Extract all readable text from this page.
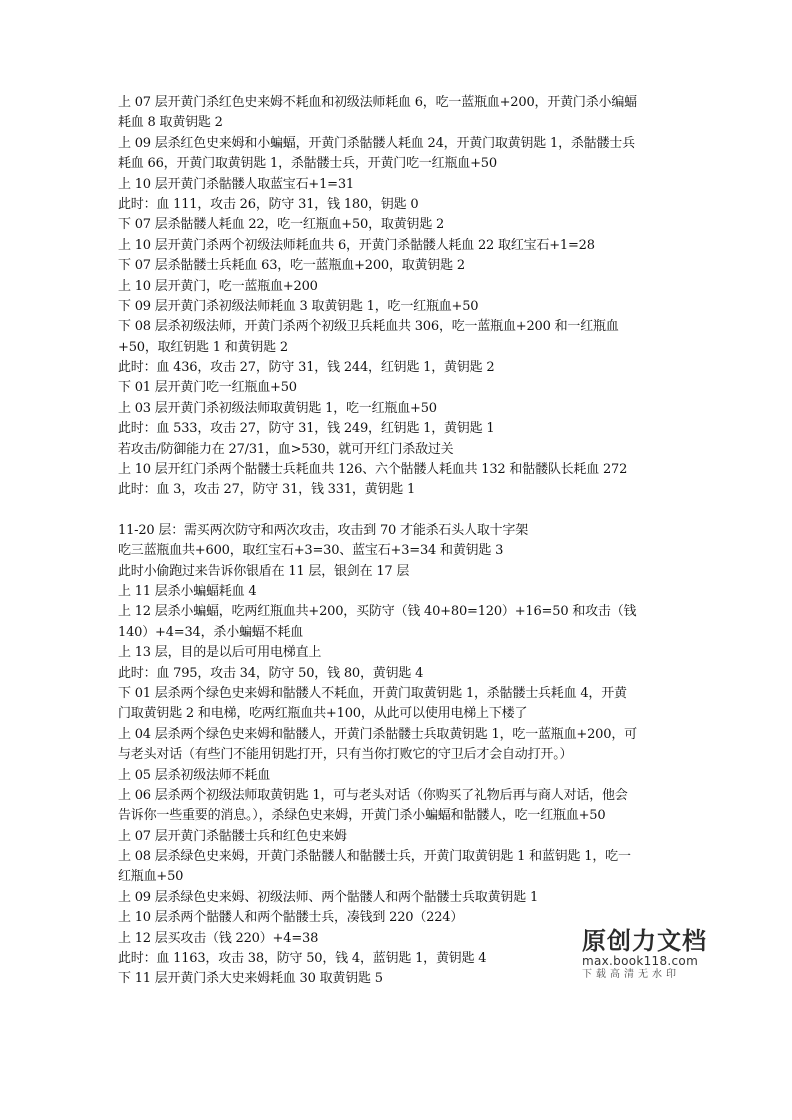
上 07 层开黄门杀红色史来姆不耗血和初级法师耗血 6，吃一蓝瓶血+200，开黄门杀小编蝠
耗血 8 取黄钥匙 2
上 09 层杀红色史来姆和小蝙蝠，开黄门杀骷髅人耗血 24，开黄门取黄钥匙 1，杀骷髅士兵
耗血 66，开黄门取黄钥匙 1，杀骷髅士兵，开黄门吃一红瓶血+50
上 10 层开黄门杀骷髅人取蓝宝石+1=31
此时：血 111，攻击 26，防守 31，钱 180，钥匙 0
下 07 层杀骷髅人耗血 22，吃一红瓶血+50，取黄钥匙 2
上 10 层开黄门杀两个初级法师耗血共 6，开黄门杀骷髅人耗血 22 取红宝石+1=28
下 07 层杀骷髅士兵耗血 63，吃一蓝瓶血+200，取黄钥匙 2
上 10 层开黄门，吃一蓝瓶血+200
下 09 层开黄门杀初级法师耗血 3 取黄钥匙 1，吃一红瓶血+50
下 08 层杀初级法师，开黄门杀两个初级卫兵耗血共 306，吃一蓝瓶血+200 和一红瓶血
+50，取红钥匙 1 和黄钥匙 2
此时：血 436，攻击 27，防守 31，钱 244，红钥匙 1，黄钥匙 2
下 01 层开黄门吃一红瓶血+50
上 03 层开黄门杀初级法师取黄钥匙 1，吃一红瓶血+50
此时：血 533，攻击 27，防守 31，钱 249，红钥匙 1，黄钥匙 1
若攻击/防御能力在 27/31，血>530，就可开红门杀敌过关
上 10 层开红门杀两个骷髅士兵耗血共 126、六个骷髅人耗血共 132 和骷髅队长耗血 272
此时：血 3，攻击 27，防守 31，钱 331，黄钥匙 1
11-20 层：需买两次防守和两次攻击，攻击到 70 才能杀石头人取十字架
吃三蓝瓶血共+600，取红宝石+3=30、蓝宝石+3=34 和黄钥匙 3
此时小偷跑过来告诉你银盾在 11 层，银剑在 17 层
上 11 层杀小蝙蝠耗血 4
上 12 层杀小蝙蝠，吃两红瓶血共+200，买防守（钱 40+80=120）+16=50 和攻击（钱
140）+4=34，杀小蝙蝠不耗血
上 13 层，目的是以后可用电梯直上
此时：血 795，攻击 34，防守 50，钱 80，黄钥匙 4
下 01 层杀两个绿色史来姆和骷髅人不耗血，开黄门取黄钥匙 1，杀骷髅士兵耗血 4，开黄
门取黄钥匙 2 和电梯，吃两红瓶血共+100，从此可以使用电梯上下楼了
上 04 层杀两个绿色史来姆和骷髅人，开黄门杀骷髅士兵取黄钥匙 1，吃一蓝瓶血+200，可
与老头对话（有些门不能用钥匙打开，只有当你打败它的守卫后才会自动打开。）
上 05 层杀初级法师不耗血
上 06 层杀两个初级法师取黄钥匙 1，可与老头对话（你购买了礼物后再与商人对话，他会
告诉你一些重要的消息。），杀绿色史来姆，开黄门杀小蝙蝠和骷髅人，吃一红瓶血+50
上 07 层开黄门杀骷髅士兵和红色史来姆
上 08 层杀绿色史来姆，开黄门杀骷髅人和骷髅士兵，开黄门取黄钥匙 1 和蓝钥匙 1，吃一
红瓶血+50
上 09 层杀绿色史来姆、初级法师、两个骷髅人和两个骷髅士兵取黄钥匙 1
上 10 层杀两个骷髅人和两个骷髅士兵，凑钱到 220（224）
上 12 层买攻击（钱 220）+4=38
此时：血 1163，攻击 38，防守 50，钱 4，蓝钥匙 1，黄钥匙 4
下 11 层开黄门杀大史来姆耗血 30 取黄钥匙 5
原创力文档
max.book118.com
下载高清无水印
